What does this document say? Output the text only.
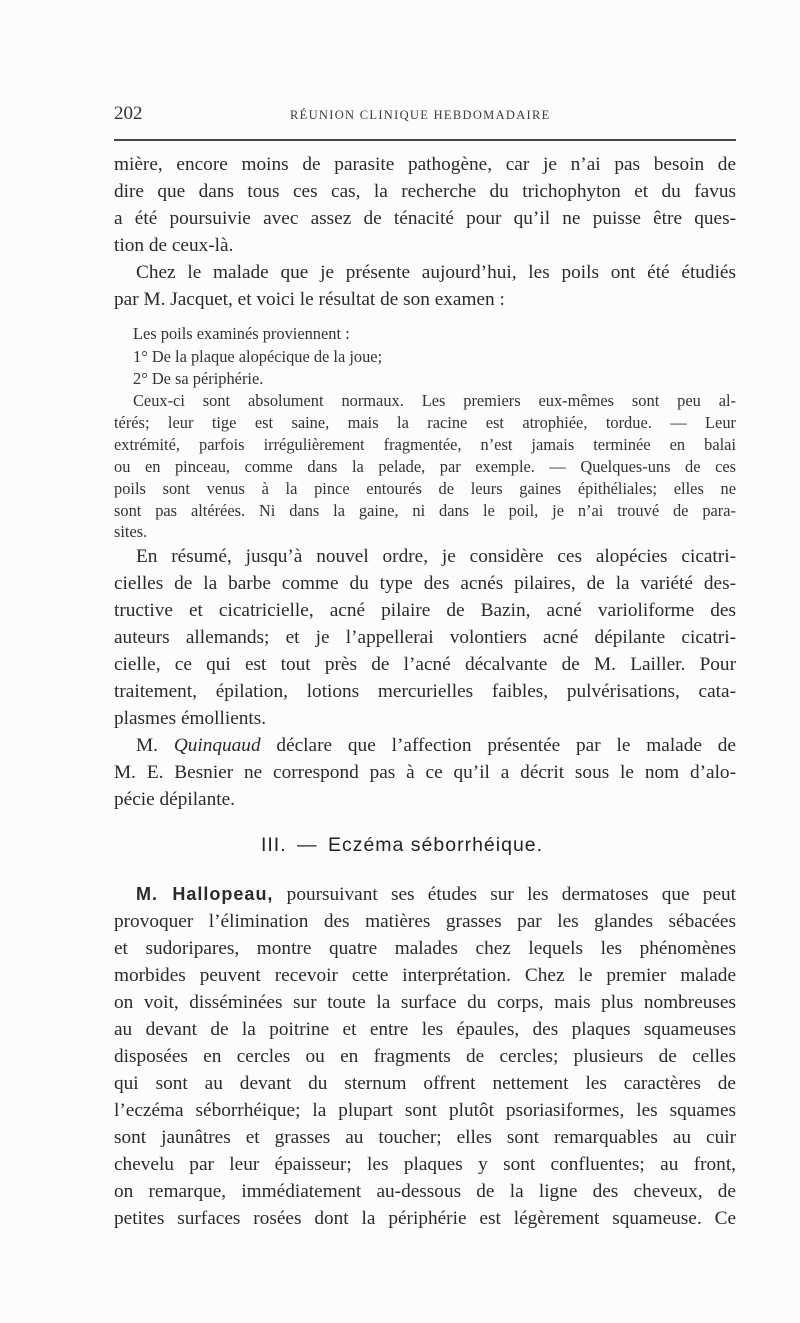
202	RÉUNION CLINIQUE HEBDOMADAIRE
mière, encore moins de parasite pathogène, car je n’ai pas besoin de
dire que dans tous ces cas, la recherche du trichophyton et du favus
a été poursuivie avec assez de ténacité pour qu’il ne puisse être ques-
tion de ceux-là.
Chez le malade que je présente aujourd’hui, les poils ont été étudiés
par M. Jacquet, et voici le résultat de son examen :
Les poils examinés proviennent :
1° De la plaque alopécique de la joue;
2° De sa périphérie.
Ceux-ci sont absolument normaux. Les premiers eux-mêmes sont peu al-
térés; leur tige est saine, mais la racine est atrophiée, tordue. — Leur
extrémité, parfois irrégulièrement fragmentée, n’est jamais terminée en balai
ou en pinceau, comme dans la pelade, par exemple. — Quelques-uns de ces
poils sont venus à la pince entourés de leurs gaines épithéliales; elles ne
sont pas altérées. Ni dans la gaine, ni dans le poil, je n’ai trouvé de para-
sites.
En résumé, jusqu’à nouvel ordre, je considère ces alopécies cicatri-
cielles de la barbe comme du type des acnés pilaires, de la variété des-
tructive et cicatricielle, acné pilaire de Bazin, acné varioliforme des
auteurs allemands; et je l’appellerai volontiers acné dépilante cicatri-
cielle, ce qui est tout près de l’acné décalvante de M. Lailler. Pour
traitement, épilation, lotions mercurielles faibles, pulvérisations, cata-
plasmes émollients.
M. Quinquaud déclare que l’affection présentée par le malade de
M. E. Besnier ne correspond pas à ce qu’il a décrit sous le nom d’alo-
pécie dépilante.
III. — Eczéma séborrhéique.
M. Hallopeau, poursuivant ses études sur les dermatoses que peut
provoquer l’élimination des matières grasses par les glandes sébacées
et sudoripares, montre quatre malades chez lequels les phénomènes
morbides peuvent recevoir cette interprétation. Chez le premier malade
on voit, disséminées sur toute la surface du corps, mais plus nombreuses
au devant de la poitrine et entre les épaules, des plaques squameuses
disposées en cercles ou en fragments de cercles; plusieurs de celles
qui sont au devant du sternum offrent nettement les caractères de
l’eczéma séborrhéique; la plupart sont plutôt psoriasiformes, les squames
sont jaunâtres et grasses au toucher; elles sont remarquables au cuir
chevelu par leur épaisseur; les plaques y sont confluentes; au front,
on remarque, immédiatement au-dessous de la ligne des cheveux, de
petites surfaces rosées dont la périphérie est légèrement squameuse. Ce
